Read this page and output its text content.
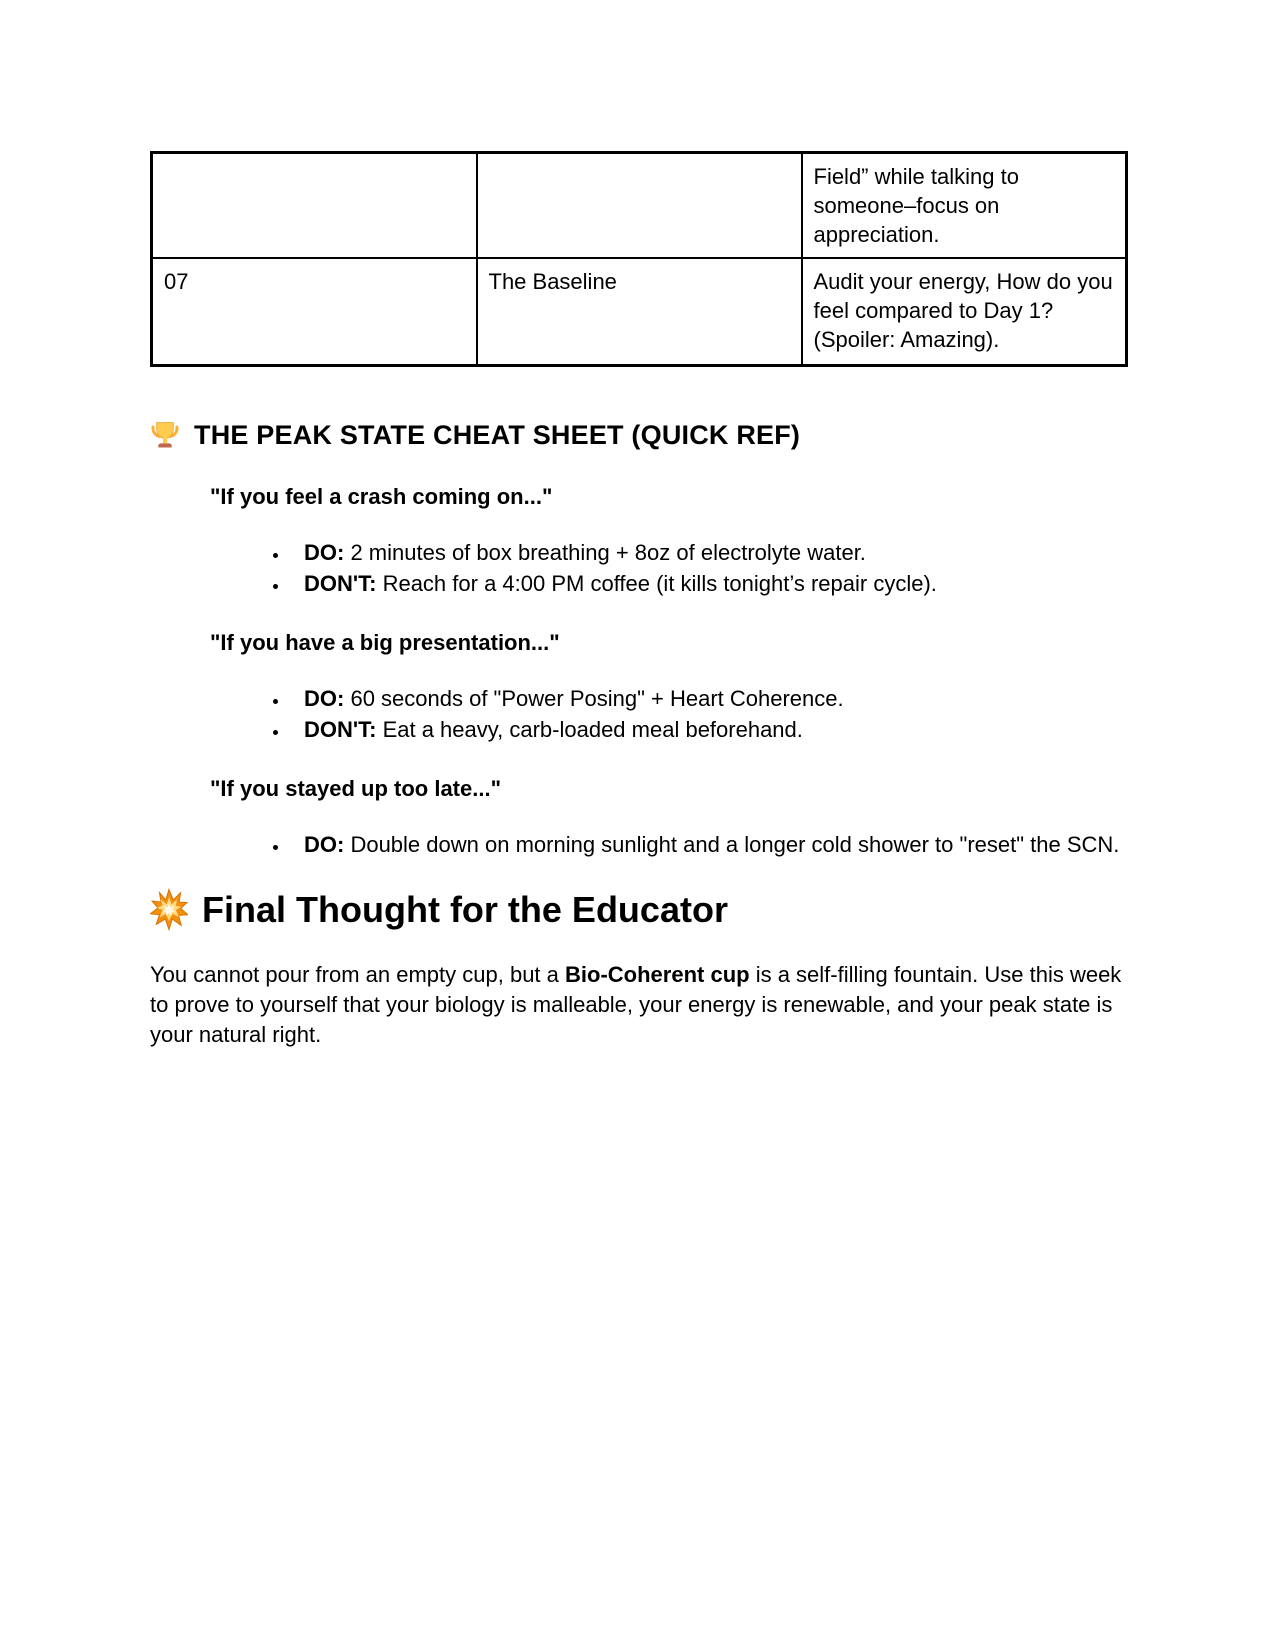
		Field” while talking to someone–focus on appreciation.
07	The Baseline	Audit your energy, How do you feel compared to Day 1? (Spoiler: Amazing).
THE PEAK STATE CHEAT SHEET (QUICK REF)
"If you feel a crash coming on..."
• DO: 2 minutes of box breathing + 8oz of electrolyte water.
• DON'T: Reach for a 4:00 PM coffee (it kills tonight’s repair cycle).
"If you have a big presentation..."
• DO: 60 seconds of "Power Posing" + Heart Coherence.
• DON'T: Eat a heavy, carb-loaded meal beforehand.
"If you stayed up too late..."
• DO: Double down on morning sunlight and a longer cold shower to "reset" the SCN.
Final Thought for the Educator

You cannot pour from an empty cup, but a Bio-Coherent cup is a self-filling fountain. Use this week to prove to yourself that your biology is malleable, your energy is renewable, and your peak state is your natural right.
